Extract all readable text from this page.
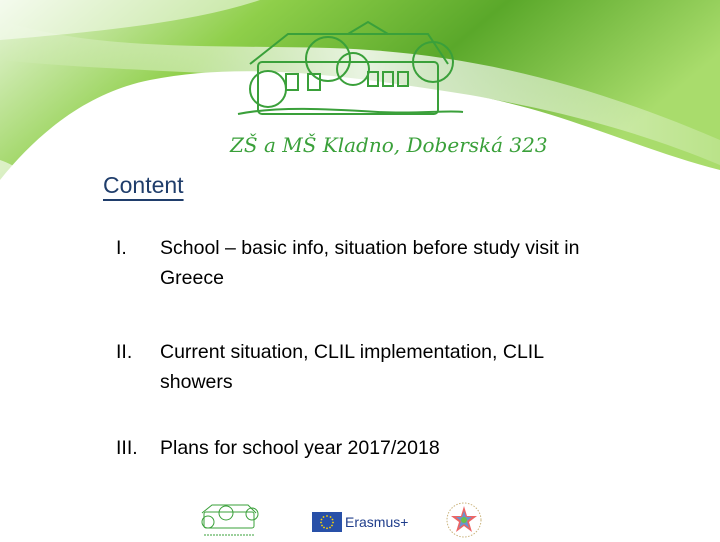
ZŠ a MŠ Kladno, Doberská 323
Content
I.	School – basic info, situation before study visit in
Greece
II.	Current situation, CLIL implementation, CLIL
showers
III.	Plans for school year 2017/2018
Erasmus+
